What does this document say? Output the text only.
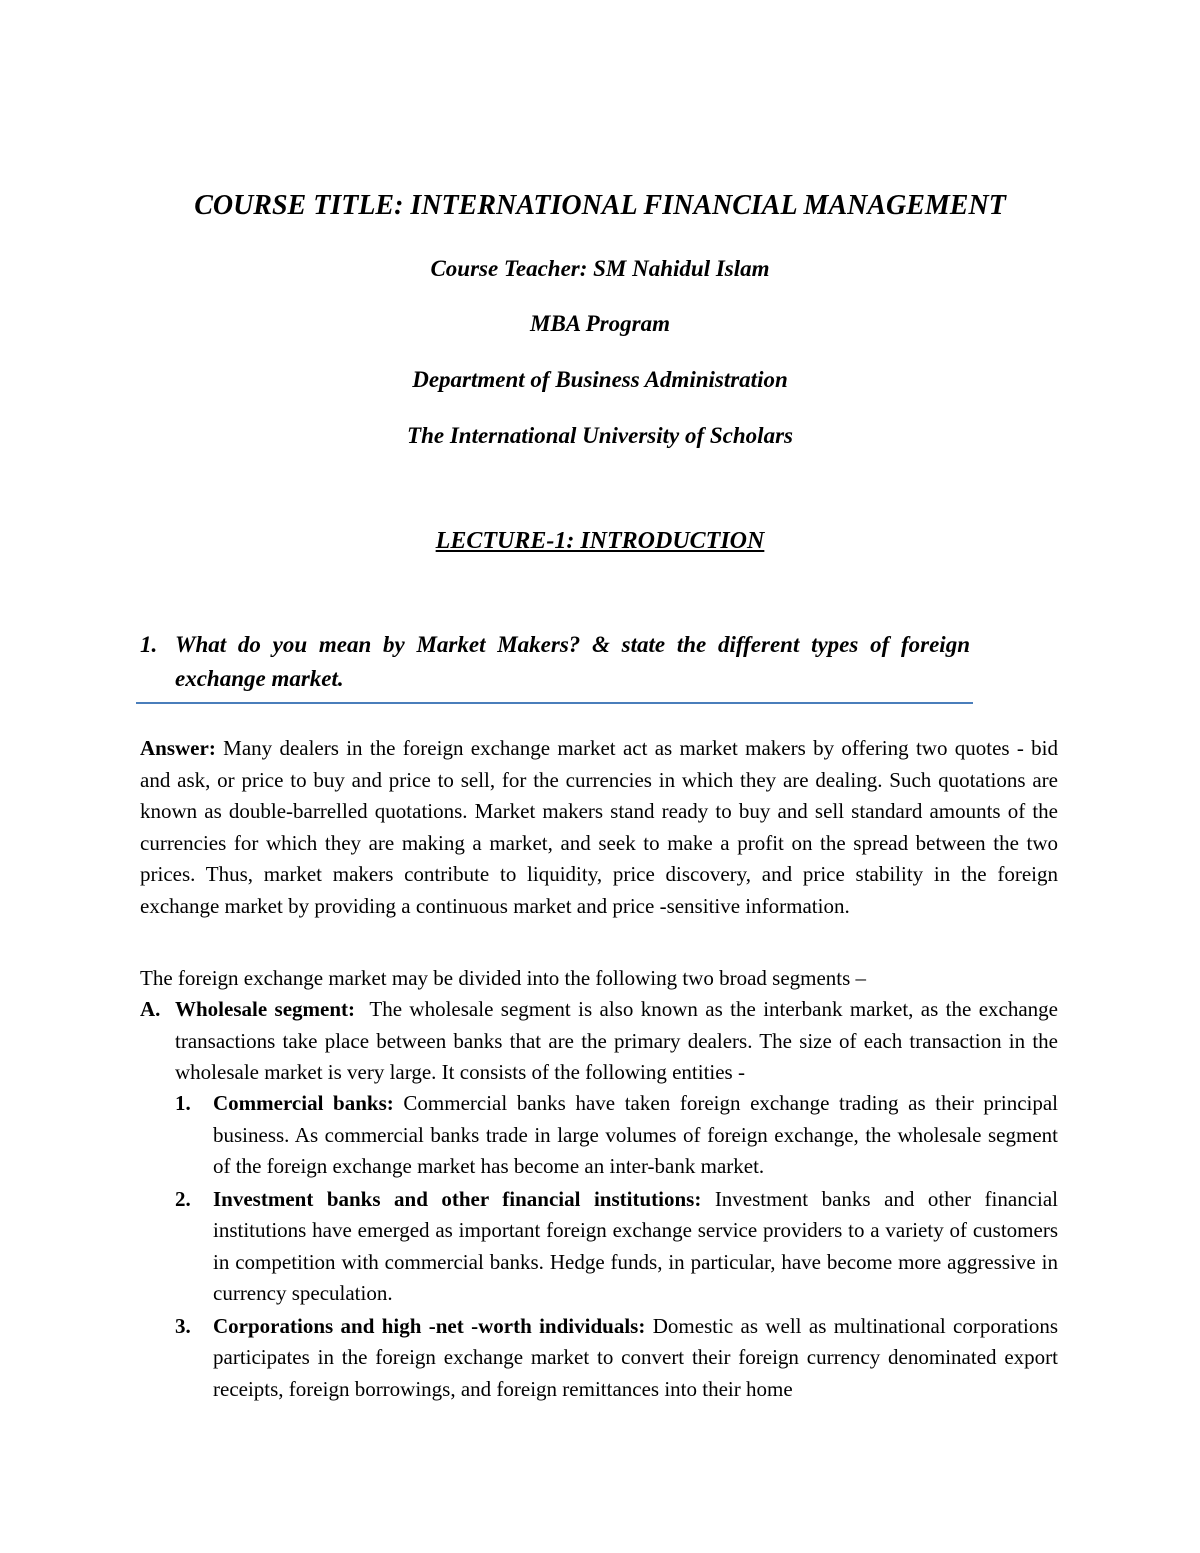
COURSE TITLE: INTERNATIONAL FINANCIAL MANAGEMENT
Course Teacher: SM Nahidul Islam
MBA Program
Department of Business Administration
The International University of Scholars
LECTURE-1: INTRODUCTION
1. What do you mean by Market Makers? & state the different types of foreign exchange market.
Answer: Many dealers in the foreign exchange market act as market makers by offering two quotes - bid and ask, or price to buy and price to sell, for the currencies in which they are dealing. Such quotations are known as double-barrelled quotations. Market makers stand ready to buy and sell standard amounts of the currencies for which they are making a market, and seek to make a profit on the spread between the two prices. Thus, market makers contribute to liquidity, price discovery, and price stability in the foreign exchange market by providing a continuous market and price -sensitive information.
The foreign exchange market may be divided into the following two broad segments –
A. Wholesale segment: The wholesale segment is also known as the interbank market, as the exchange transactions take place between banks that are the primary dealers. The size of each transaction in the wholesale market is very large. It consists of the following entities -
1. Commercial banks: Commercial banks have taken foreign exchange trading as their principal business. As commercial banks trade in large volumes of foreign exchange, the wholesale segment of the foreign exchange market has become an inter-bank market.
2. Investment banks and other financial institutions: Investment banks and other financial institutions have emerged as important foreign exchange service providers to a variety of customers in competition with commercial banks. Hedge funds, in particular, have become more aggressive in currency speculation.
3. Corporations and high -net -worth individuals: Domestic as well as multinational corporations participates in the foreign exchange market to convert their foreign currency denominated export receipts, foreign borrowings, and foreign remittances into their home
